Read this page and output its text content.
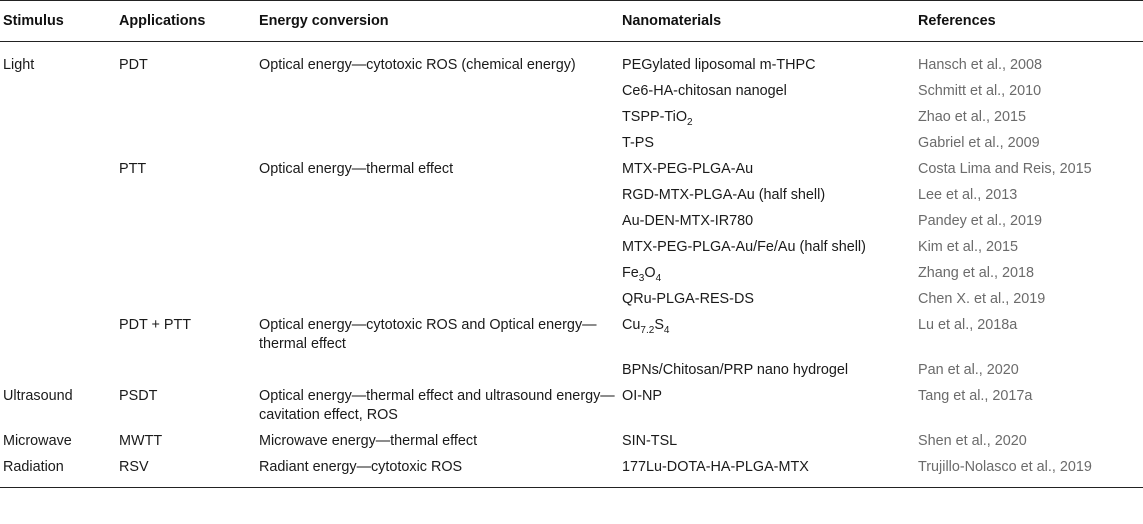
Stimulus	Applications	Energy conversion	Nanomaterials	References
Light	PDT	Optical energy—cytotoxic ROS (chemical energy)	PEGylated liposomal m-THPC	Hansch et al., 2008
			Ce6-HA-chitosan nanogel	Schmitt et al., 2010
			TSPP-TiO$_2$	Zhao et al., 2015
			T-PS	Gabriel et al., 2009
	PTT	Optical energy—thermal effect	MTX-PEG-PLGA-Au	Costa Lima and Reis, 2015
			RGD-MTX-PLGA-Au (half shell)	Lee et al., 2013
			Au-DEN-MTX-IR780	Pandey et al., 2019
			MTX-PEG-PLGA-Au/Fe/Au (half shell)	Kim et al., 2015
			$Fe_3O_4$	Zhang et al., 2018
			QRu-PLGA-RES-DS	Chen X. et al., 2019
	PDT + PTT	Optical energy—cytotoxic ROS and Optical energy—thermal effect	$Cu_{7.2}S_4$	Lu et al., 2018a
			BPNs/Chitosan/PRP nano hydrogel	Pan et al., 2020
Ultrasound	PSDT	Optical energy—thermal effect and ultrasound energy—cavitation effect, ROS	OI-NP	Tang et al., 2017a
Microwave	MWTT	Microwave energy—thermal effect	SIN-TSL	Shen et al., 2020
Radiation	RSV	Radiant energy—cytotoxic ROS	177Lu-DOTA-HA-PLGA-MTX	Trujillo-Nolasco et al., 2019
